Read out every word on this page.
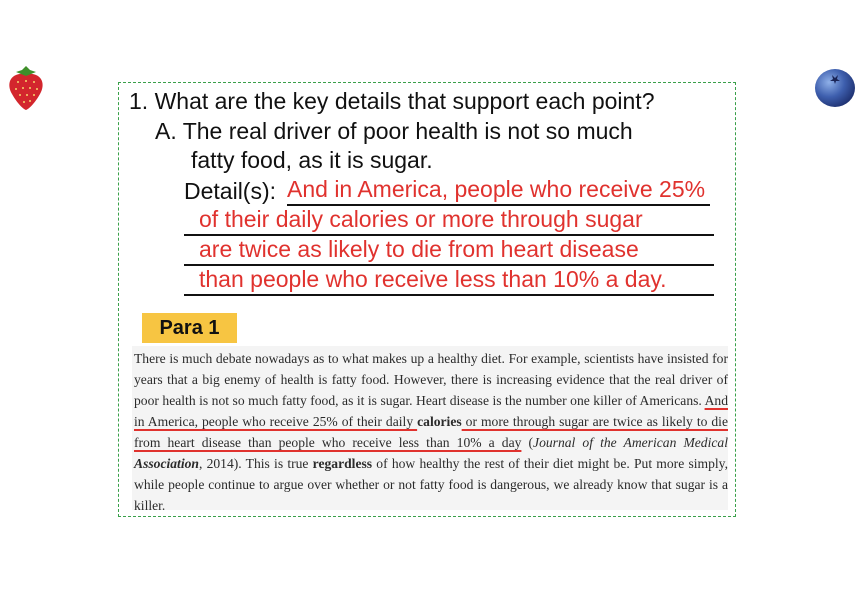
1. What are the key details that support each point?
A. The real driver of poor health is not so much
fatty food, as it is sugar.
Detail(s): And in America, people who receive 25%
of their daily calories or more through sugar
are twice as likely to die from heart disease
than people who receive less than 10% a day.
Para 1
There is much debate nowadays as to what makes up a healthy diet. For example, scientists have insisted for years that a big enemy of health is fatty food. However, there is increasing evidence that the real driver of poor health is not so much fatty food, as it is sugar. Heart disease is the number one killer of Americans. And in America, people who receive 25% of their daily calories or more through sugar are twice as likely to die from heart disease than people who receive less than 10% a day (Journal of the American Medical Association, 2014). This is true regardless of how healthy the rest of their diet might be. Put more simply, while people continue to argue over whether or not fatty food is dangerous, we already know that sugar is a killer.
